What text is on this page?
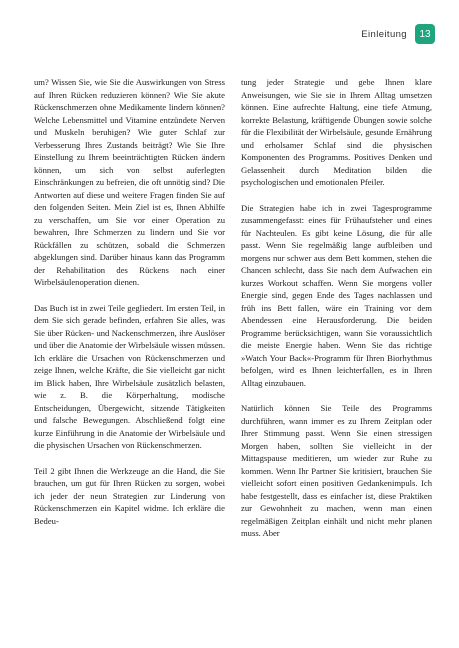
Einleitung	13

um? Wissen Sie, wie Sie die Auswirkungen von Stress auf Ihren Rücken reduzieren können? Wie Sie akute Rückenschmerzen ohne Medikamente lindern können? Welche Lebensmittel und Vitamine entzündete Nerven und Muskeln beruhigen? Wie guter Schlaf zur Verbesserung Ihres Zustands beiträgt? Wie Sie Ihre Einstellung zu Ihrem beeinträchtigten Rücken ändern können, um sich von selbst auferlegten Einschränkungen zu befreien, die oft unnötig sind? Die Antworten auf diese und weitere Fragen finden Sie auf den folgenden Seiten. Mein Ziel ist es, Ihnen Abhilfe zu verschaffen, um Sie vor einer Operation zu bewahren, Ihre Schmerzen zu lindern und Sie vor Rückfällen zu schützen, sobald die Schmerzen abgeklungen sind. Darüber hinaus kann das Programm der Rehabilitation des Rückens nach einer Wirbelsäulenoperation dienen.

Das Buch ist in zwei Teile gegliedert. Im ersten Teil, in dem Sie sich gerade befinden, erfahren Sie alles, was Sie über Rücken- und Nackenschmerzen, ihre Auslöser und über die Anatomie der Wirbelsäule wissen müssen. Ich erkläre die Ursachen von Rückenschmerzen und zeige Ihnen, welche Kräfte, die Sie vielleicht gar nicht im Blick haben, Ihre Wirbelsäule zusätzlich belasten, wie z. B. die Körperhaltung, modische Entscheidungen, Übergewicht, sitzende Tätigkeiten und falsche Bewegungen. Abschließend folgt eine kurze Einführung in die Anatomie der Wirbelsäule und die physischen Ursachen von Rückenschmerzen.

Teil 2 gibt Ihnen die Werkzeuge an die Hand, die Sie brauchen, um gut für Ihren Rücken zu sorgen, wobei ich jeder der neun Strategien zur Linderung von Rückenschmerzen ein Kapitel widme. Ich erkläre die Bedeu-

tung jeder Strategie und gebe Ihnen klare Anweisungen, wie Sie sie in Ihrem Alltag umsetzen können. Eine aufrechte Haltung, eine tiefe Atmung, korrekte Belastung, kräftigende Übungen sowie solche für die Flexibilität der Wirbelsäule, gesunde Ernährung und erholsamer Schlaf sind die physischen Komponenten des Programms. Positives Denken und Gelassenheit durch Meditation bilden die psychologischen und emotionalen Pfeiler.

Die Strategien habe ich in zwei Tagesprogramme zusammengefasst: eines für Frühaufsteher und eines für Nachteulen. Es gibt keine Lösung, die für alle passt. Wenn Sie regelmäßig lange aufbleiben und morgens nur schwer aus dem Bett kommen, stehen die Chancen schlecht, dass Sie nach dem Aufwachen ein kurzes Workout schaffen. Wenn Sie morgens voller Energie sind, gegen Ende des Tages nachlassen und früh ins Bett fallen, wäre ein Training vor dem Abendessen eine Herausforderung. Die beiden Programme berücksichtigen, wann Sie voraussichtlich die meiste Energie haben. Wenn Sie das richtige »Watch Your Back«-Programm für Ihren Biorhythmus befolgen, wird es Ihnen leichterfallen, es in Ihren Alltag einzubauen.

Natürlich können Sie Teile des Programms durchführen, wann immer es zu Ihrem Zeitplan oder Ihrer Stimmung passt. Wenn Sie einen stressigen Morgen haben, sollten Sie vielleicht in der Mittagspause meditieren, um wieder zur Ruhe zu kommen. Wenn Ihr Partner Sie kritisiert, brauchen Sie vielleicht sofort einen positiven Gedankenimpuls. Ich habe festgestellt, dass es einfacher ist, diese Praktiken zur Gewohnheit zu machen, wenn man einen regelmäßigen Zeitplan einhält und nicht mehr planen muss. Aber
